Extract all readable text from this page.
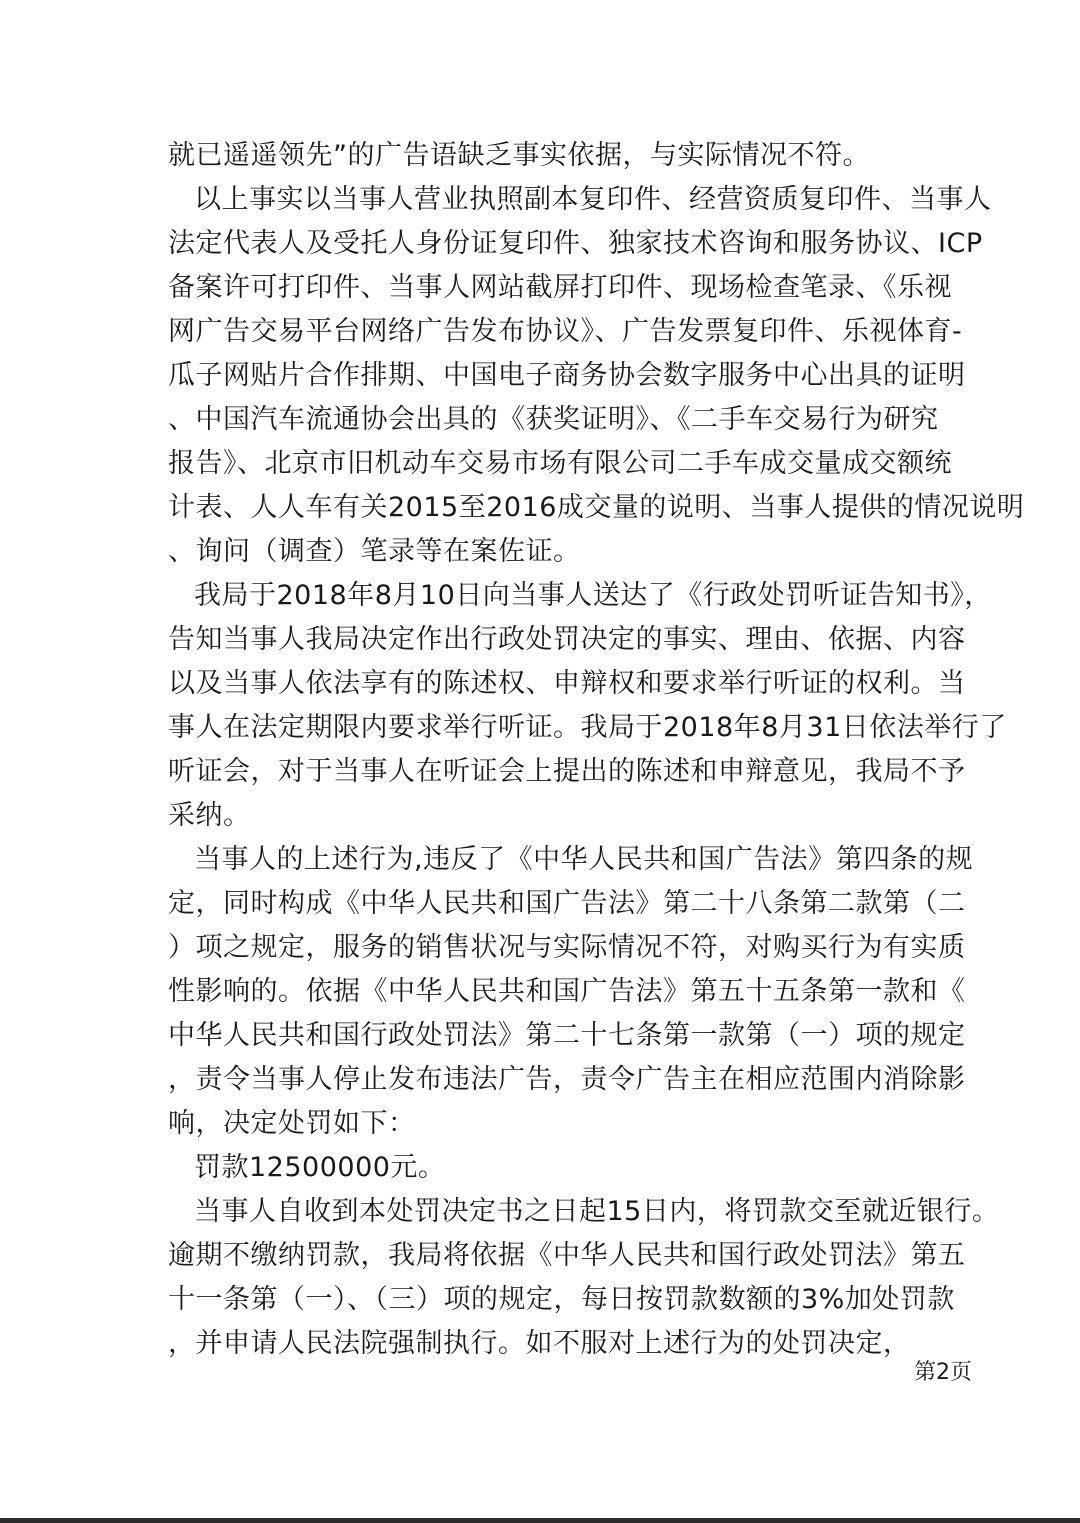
就已遥遥领先”的广告语缺乏事实依据，与实际情况不符。
以上事实以当事人营业执照副本复印件、经营资质复印件、当事人
法定代表人及受托人身份证复印件、独家技术咨询和服务协议、ICP
备案许可打印件、当事人网站截屏打印件、现场检查笔录、《乐视
网广告交易平台网络广告发布协议》、广告发票复印件、乐视体育-
瓜子网贴片合作排期、中国电子商务协会数字服务中心出具的证明
、中国汽车流通协会出具的《获奖证明》、《二手车交易行为研究
报告》、北京市旧机动车交易市场有限公司二手车成交量成交额统
计表、人人车有关2015至2016成交量的说明、当事人提供的情况说明
、询问（调查）笔录等在案佐证。
我局于2018年8月10日向当事人送达了《行政处罚听证告知书》，
告知当事人我局决定作出行政处罚决定的事实、理由、依据、内容
以及当事人依法享有的陈述权、申辩权和要求举行听证的权利。当
事人在法定期限内要求举行听证。我局于2018年8月31日依法举行了
听证会，对于当事人在听证会上提出的陈述和申辩意见，我局不予
采纳。
当事人的上述行为,违反了《中华人民共和国广告法》第四条的规
定，同时构成《中华人民共和国广告法》第二十八条第二款第（二
）项之规定，服务的销售状况与实际情况不符，对购买行为有实质
性影响的。依据《中华人民共和国广告法》第五十五条第一款和《
中华人民共和国行政处罚法》第二十七条第一款第（一）项的规定
，责令当事人停止发布违法广告，责令广告主在相应范围内消除影
响，决定处罚如下：
罚款12500000元。
当事人自收到本处罚决定书之日起15日内，将罚款交至就近银行。
逾期不缴纳罚款，我局将依据《中华人民共和国行政处罚法》第五
十一条第（一）、（三）项的规定，每日按罚款数额的3%加处罚款
，并申请人民法院强制执行。如不服对上述行为的处罚决定，
第2页
